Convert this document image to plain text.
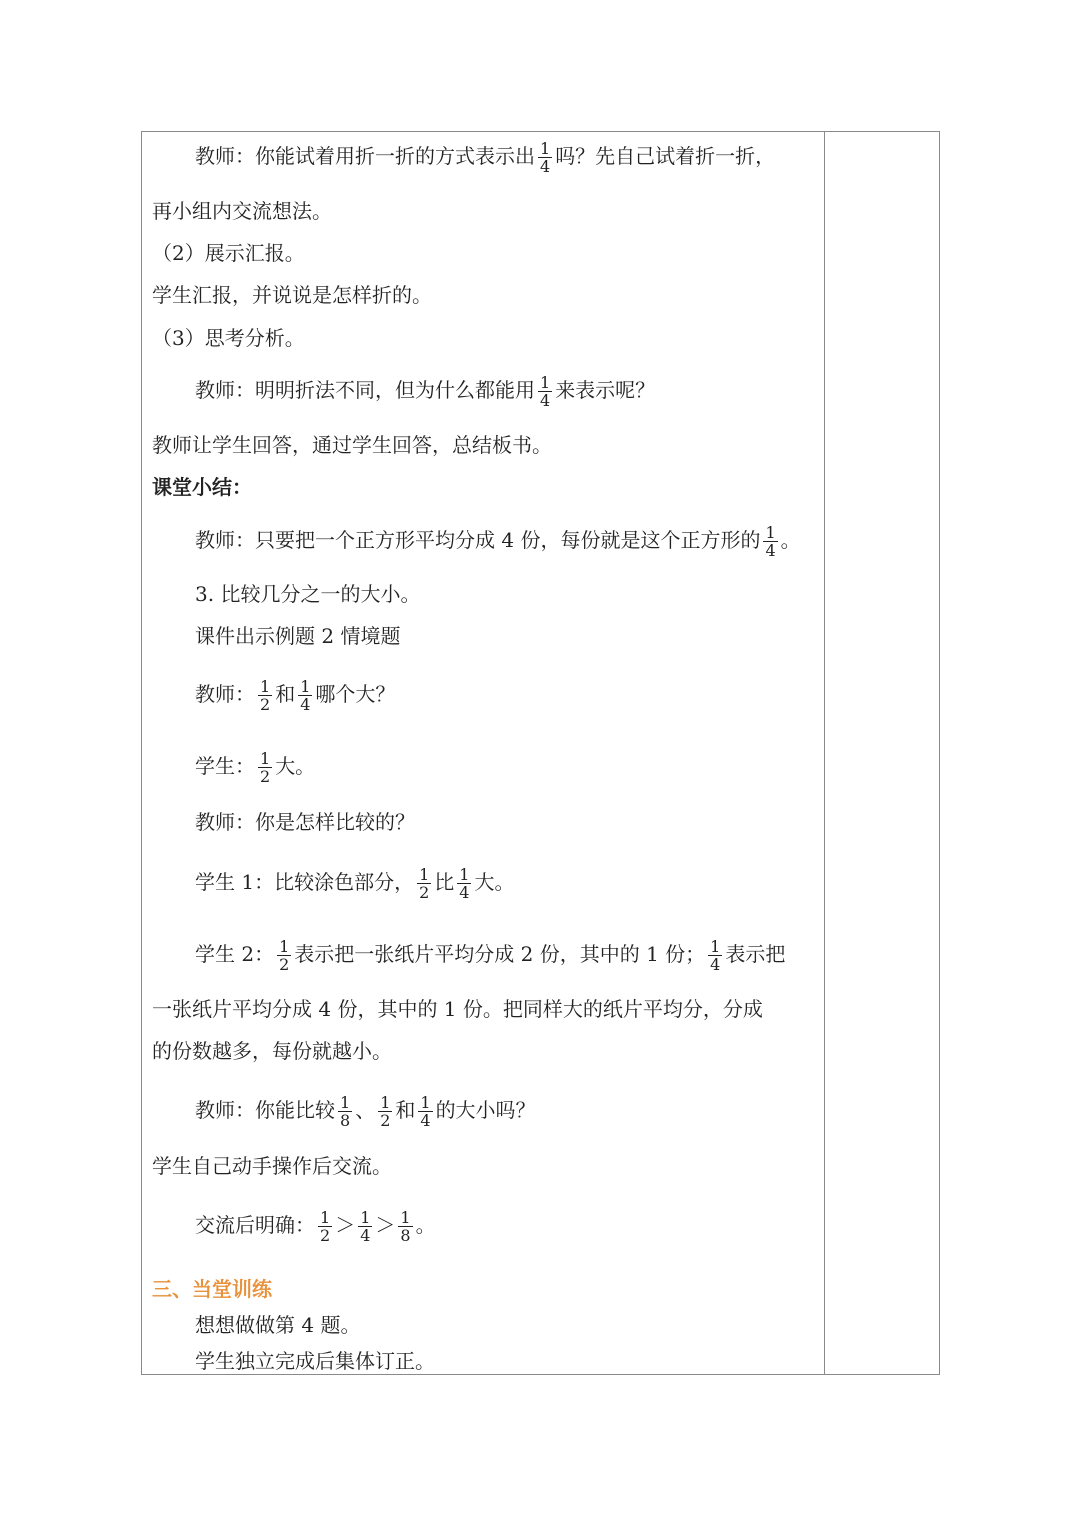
教师：你能试着用折一折的方式表示出 $\frac{1}{4}$ 吗？先自己试着折一折，
再小组内交流想法。
（2）展示汇报。
学生汇报，并说说是怎样折的。
（3）思考分析。
教师：明明折法不同，但为什么都能用 $\frac{1}{4}$ 来表示呢？
教师让学生回答，通过学生回答，总结板书。
课堂小结：
教师：只要把一个正方形平均分成 4 份，每份就是这个正方形的 $\frac{1}{4}$ 。
3. 比较几分之一的大小。
课件出示例题 2 情境题
教师： $\frac{1}{2}$ 和 $\frac{1}{4}$ 哪个大？
学生： $\frac{1}{2}$ 大。
教师：你是怎样比较的？
学生 1：比较涂色部分， $\frac{1}{2}$ 比 $\frac{1}{4}$ 大。
学生 2： $\frac{1}{2}$ 表示把一张纸片平均分成 2 份，其中的 1 份； $\frac{1}{4}$ 表示把
一张纸片平均分成 4 份，其中的 1 份。把同样大的纸片平均分，分成
的份数越多，每份就越小。
教师：你能比较 $\frac{1}{8}$ 、 $\frac{1}{2}$ 和 $\frac{1}{4}$ 的大小吗？
学生自己动手操作后交流。
交流后明确： $\frac{1}{2} > \frac{1}{4} > \frac{1}{8}$ 。
三、当堂训练
想想做做第 4 题。
学生独立完成后集体订正。
